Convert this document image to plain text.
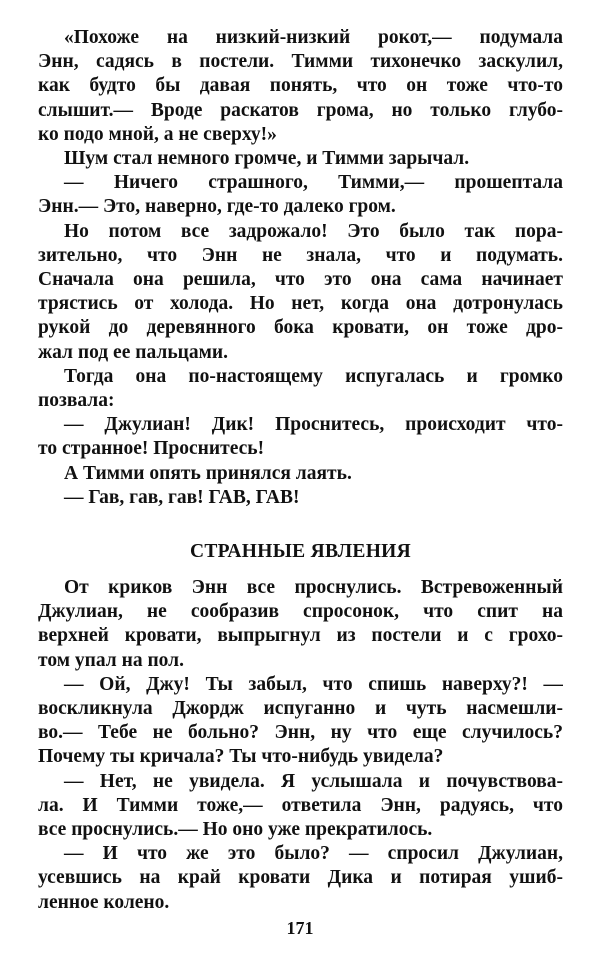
«Похоже на низкий-низкий рокот,— подумала
Энн, садясь в постели. Тимми тихонечко заскулил,
как будто бы давая понять, что он тоже что-то
слышит.— Вроде раскатов грома, но только глубо-
ко подо мной, а не сверху!»
Шум стал немного громче, и Тимми зарычал.
— Ничего страшного, Тимми,— прошептала
Энн.— Это, наверно, где-то далеко гром.
Но потом все задрожало! Это было так пора-
зительно, что Энн не знала, что и подумать.
Сначала она решила, что это она сама начинает
трястись от холода. Но нет, когда она дотронулась
рукой до деревянного бока кровати, он тоже дро-
жал под ее пальцами.
Тогда она по-настоящему испугалась и громко
позвала:
— Джулиан! Дик! Проснитесь, происходит что-
то странное! Проснитесь!
А Тимми опять принялся лаять.
— Гав, гав, гав! ГАВ, ГАВ!
СТРАННЫЕ ЯВЛЕНИЯ
От криков Энн все проснулись. Встревоженный
Джулиан, не сообразив спросонок, что спит на
верхней кровати, выпрыгнул из постели и с грохо-
том упал на пол.
— Ой, Джу! Ты забыл, что спишь наверху?! —
воскликнула Джордж испуганно и чуть насмешли-
во.— Тебе не больно? Энн, ну что еще случилось?
Почему ты кричала? Ты что-нибудь увидела?
— Нет, не увидела. Я услышала и почувствова-
ла. И Тимми тоже,— ответила Энн, радуясь, что
все проснулись.— Но оно уже прекратилось.
— И что же это было? — спросил Джулиан,
усевшись на край кровати Дика и потирая ушиб-
ленное колено.
171
